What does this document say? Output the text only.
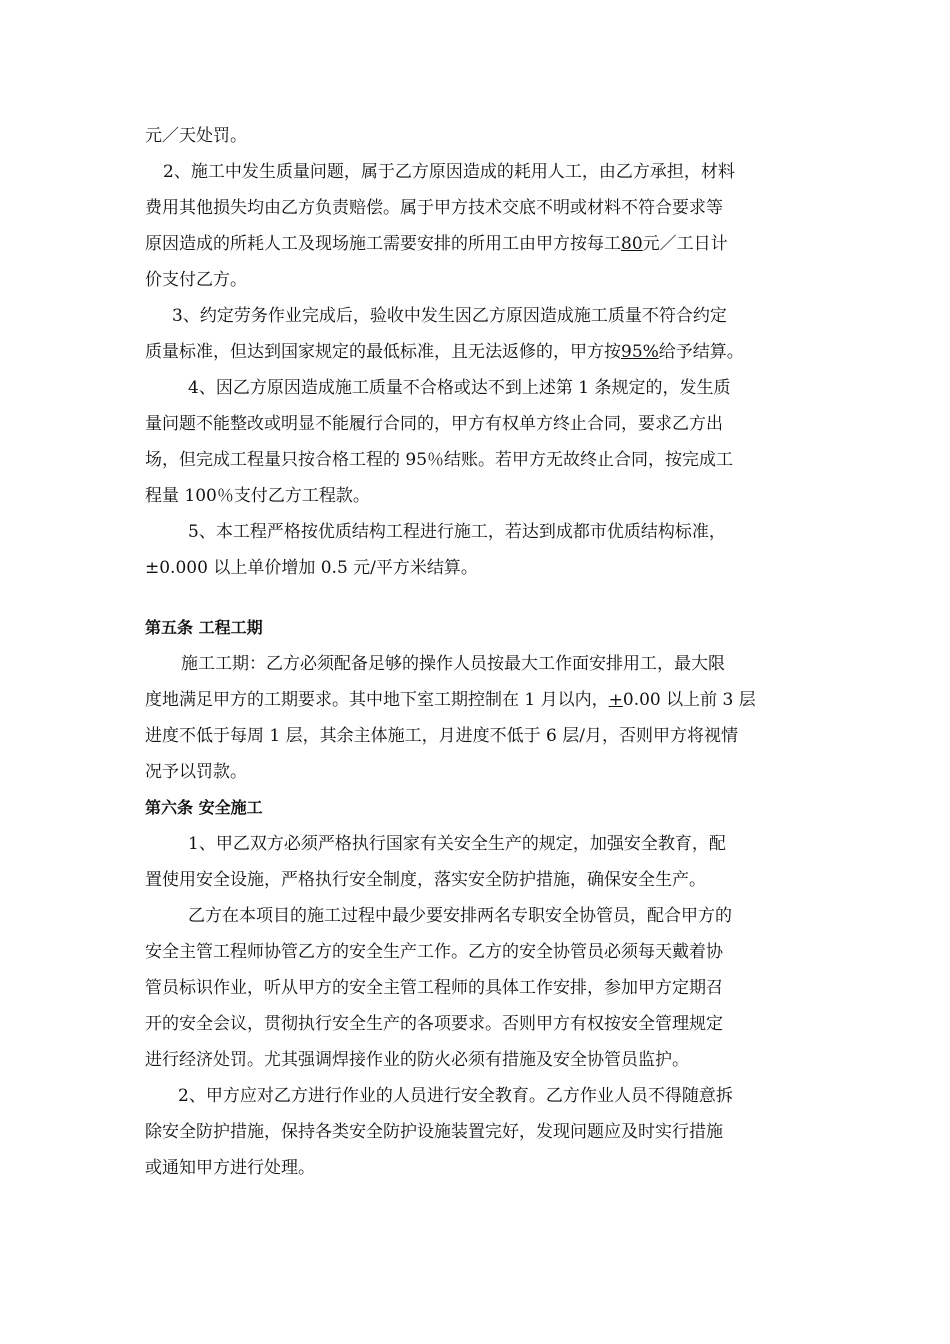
元／天处罚。
2、施工中发生质量问题，属于乙方原因造成的耗用人工，由乙方承担，材料
费用其他损失均由乙方负责赔偿。属于甲方技术交底不明或材料不符合要求等
原因造成的所耗人工及现场施工需要安排的所用工由甲方按每工80元／工日计
价支付乙方。
3、约定劳务作业完成后，验收中发生因乙方原因造成施工质量不符合约定
质量标准，但达到国家规定的最低标准，且无法返修的，甲方按95%给予结算。
4、因乙方原因造成施工质量不合格或达不到上述第 1 条规定的，发生质
量问题不能整改或明显不能履行合同的，甲方有权单方终止合同，要求乙方出
场，但完成工程量只按合格工程的 95％结账。若甲方无故终止合同，按完成工
程量 100％支付乙方工程款。
5、本工程严格按优质结构工程进行施工，若达到成都市优质结构标准，
±0.000 以上单价增加 0.5 元/平方米结算。
第五条 工程工期
施工工期：乙方必须配备足够的操作人员按最大工作面安排用工，最大限
度地满足甲方的工期要求。其中地下室工期控制在 1 月以内，+0.00 以上前 3 层
进度不低于每周 1 层，其余主体施工，月进度不低于 6 层/月，否则甲方将视情
况予以罚款。
第六条 安全施工
1、甲乙双方必须严格执行国家有关安全生产的规定，加强安全教育，配
置使用安全设施，严格执行安全制度，落实安全防护措施，确保安全生产。
乙方在本项目的施工过程中最少要安排两名专职安全协管员，配合甲方的
安全主管工程师协管乙方的安全生产工作。乙方的安全协管员必须每天戴着协
管员标识作业，听从甲方的安全主管工程师的具体工作安排，参加甲方定期召
开的安全会议，贯彻执行安全生产的各项要求。否则甲方有权按安全管理规定
进行经济处罚。尤其强调焊接作业的防火必须有措施及安全协管员监护。
2、甲方应对乙方进行作业的人员进行安全教育。乙方作业人员不得随意拆
除安全防护措施，保持各类安全防护设施装置完好，发现问题应及时实行措施
或通知甲方进行处理。
